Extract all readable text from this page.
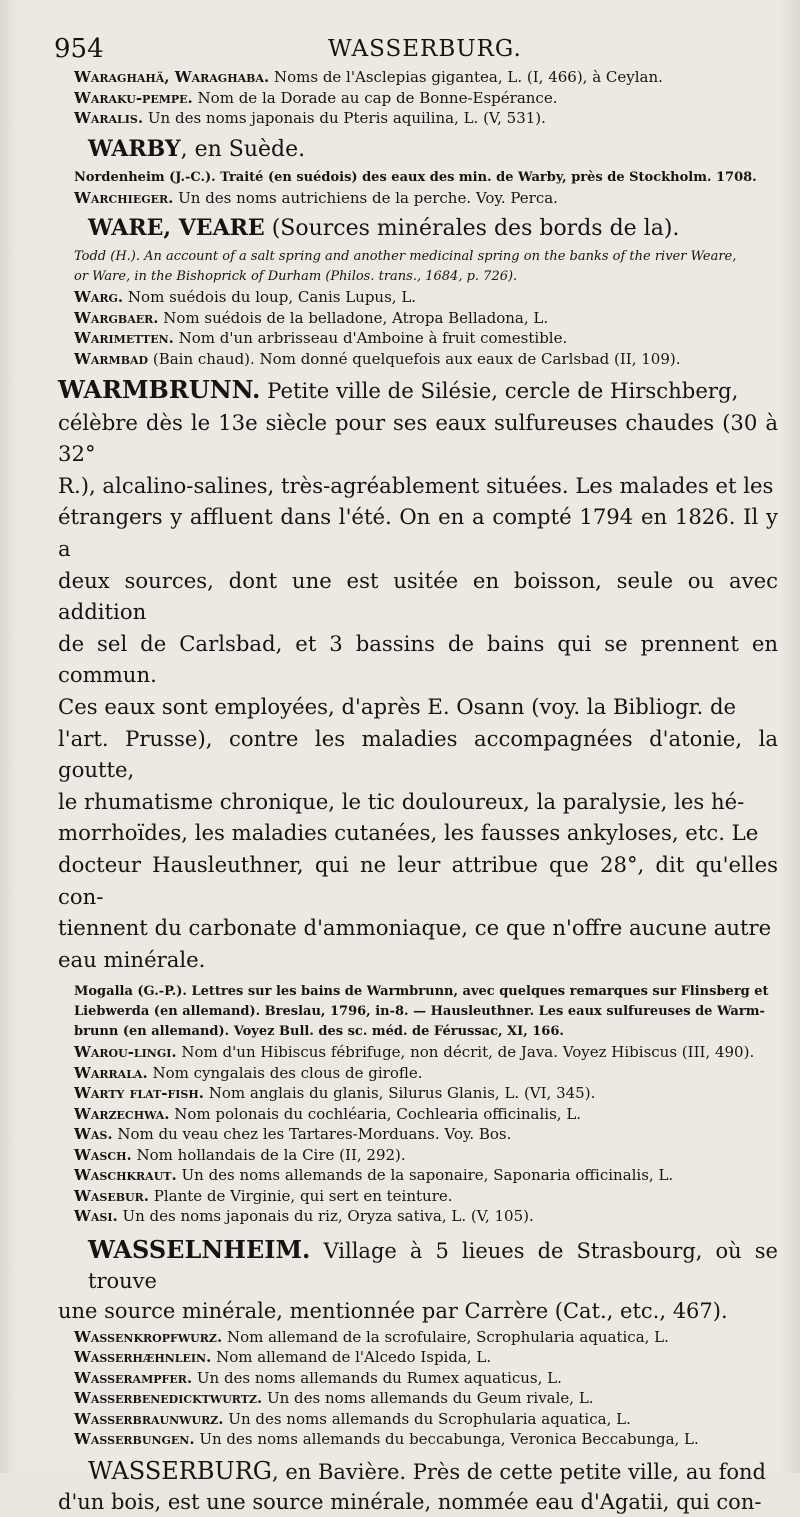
954	WASSERBURG.
Waraghahä, Waraghaba. Noms de l'Asclepias gigantea, L. (I, 466), à Ceylan.
Waraku-pempe. Nom de la Dorade au cap de Bonne-Espérance.
Waralis. Un des noms japonais du Pteris aquilina, L. (V, 531).
WARBY, en Suède.
Nordenheim (J.-C.). Traité (en suédois) des eaux des min. de Warby, près de Stockholm. 1708.
Warchieger. Un des noms autrichiens de la perche. Voy. Perca.
WARE, VEARE (Sources minérales des bords de la).
Todd (H.). An account of a salt spring and another medicinal spring on the banks of the river Weare,
or Ware, in the Bishoprick of Durham (Philos. trans., 1684, p. 726).
Warg. Nom suédois du loup, Canis Lupus, L.
Wargbaer. Nom suédois de la belladone, Atropa Belladona, L.
Warimetten. Nom d'un arbrisseau d'Amboine à fruit comestible.
Warmbad (Bain chaud). Nom donné quelquefois aux eaux de Carlsbad (II, 109).
WARMBRUNN. Petite ville de Silésie, cercle de Hirschberg,
célèbre dès le 13e siècle pour ses eaux sulfureuses chaudes (30 à 32°
R.), alcalino-salines, très-agréablement situées. Les malades et les
étrangers y affluent dans l'été. On en a compté 1794 en 1826. Il y a
deux sources, dont une est usitée en boisson, seule ou avec addition
de sel de Carlsbad, et 3 bassins de bains qui se prennent en commun.
Ces eaux sont employées, d'après E. Osann (voy. la Bibliogr. de
l'art. Prusse), contre les maladies accompagnées d'atonie, la goutte,
le rhumatisme chronique, le tic douloureux, la paralysie, les hé-
morrhoïdes, les maladies cutanées, les fausses ankyloses, etc. Le
docteur Hausleuthner, qui ne leur attribue que 28°, dit qu'elles con-
tiennent du carbonate d'ammoniaque, ce que n'offre aucune autre
eau minérale.
Mogalla (G.-P.). Lettres sur les bains de Warmbrunn, avec quelques remarques sur Flinsberg et
Liebwerda (en allemand). Breslau, 1796, in-8. — Hausleuthner. Les eaux sulfureuses de Warm-
brunn (en allemand). Voyez Bull. des sc. méd. de Férussac, XI, 166.
Warou-lingi. Nom d'un Hibiscus fébrifuge, non décrit, de Java. Voyez Hibiscus (III, 490).
Warrala. Nom cyngalais des clous de girofle.
Warty flat-fish. Nom anglais du glanis, Silurus Glanis, L. (VI, 345).
Warzechwa. Nom polonais du cochléaria, Cochlearia officinalis, L.
Was. Nom du veau chez les Tartares-Morduans. Voy. Bos.
Wasch. Nom hollandais de la Cire (II, 292).
Waschkraut. Un des noms allemands de la saponaire, Saponaria officinalis, L.
Wasebur. Plante de Virginie, qui sert en teinture.
Wasi. Un des noms japonais du riz, Oryza sativa, L. (V, 105).
WASSELNHEIM. Village à 5 lieues de Strasbourg, où se trouve
une source minérale, mentionnée par Carrère (Cat., etc., 467).
Wassenkropfwurz. Nom allemand de la scrofulaire, Scrophularia aquatica, L.
Wasserhæhnlein. Nom allemand de l'Alcedo Ispida, L.
Wasserampfer. Un des noms allemands du Rumex aquaticus, L.
Wasserbenedicktwurtz. Un des noms allemands du Geum rivale, L.
Wasserbraunwurz. Un des noms allemands du Scrophularia aquatica, L.
Wasserbungen. Un des noms allemands du beccabunga, Veronica Beccabunga, L.
WASSERBURG, en Bavière. Près de cette petite ville, au fond
d'un bois, est une source minérale, nommée eau d'Agatii, qui con-
